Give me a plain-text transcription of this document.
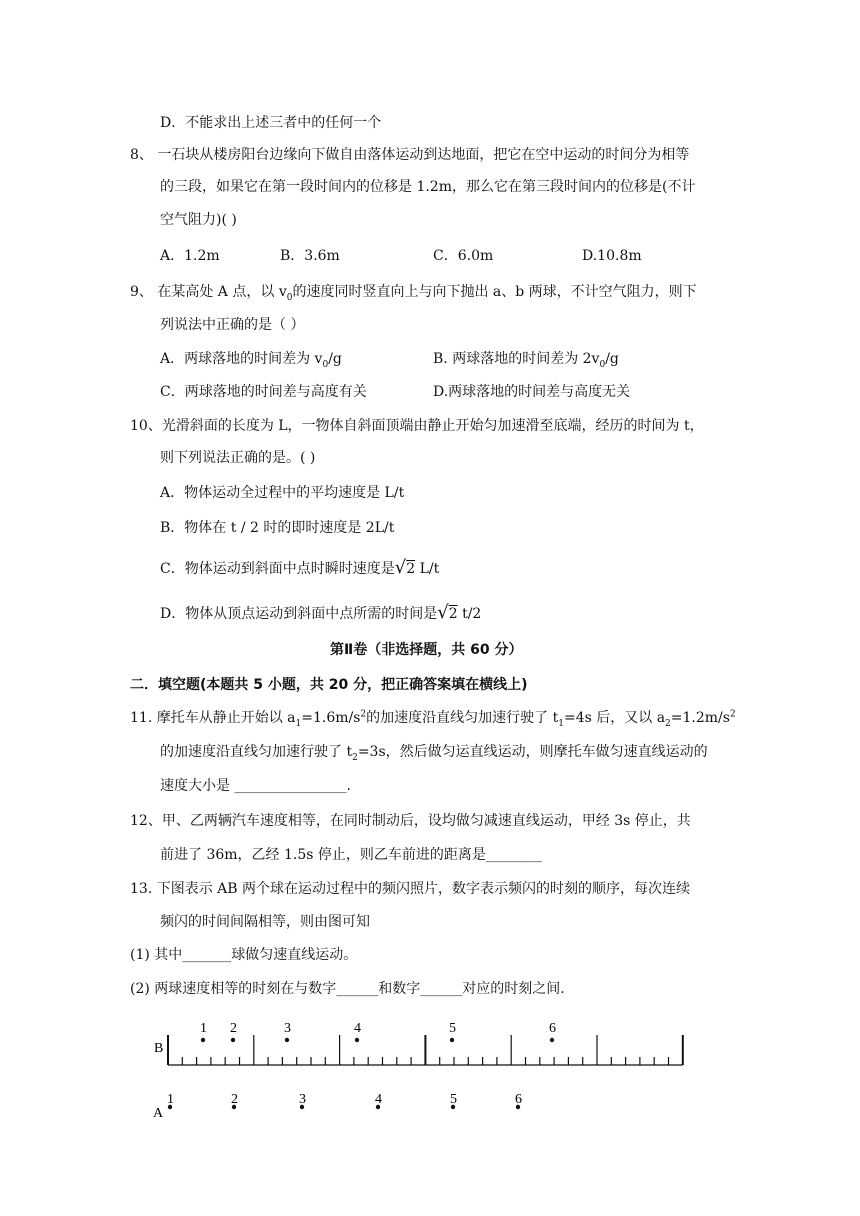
D．不能求出上述三者中的任何一个
8、 一石块从楼房阳台边缘向下做自由落体运动到达地面，把它在空中运动的时间分为相等
的三段，如果它在第一段时间内的位移是 1.2m，那么它在第三段时间内的位移是(不计
空气阻力)( )
A．1.2m	B．3.6m	C．6.0m	D.10.8m
9、 在某高处 A 点，以 $v_0$的速度同时竖直向上与向下抛出 a、b 两球，不计空气阻力，则下
列说法中正确的是（ ）
A．两球落地的时间差为 $v_0/g$	B. 两球落地的时间差为 $2v_0/g$
C．两球落地的时间差与高度有关	D.两球落地的时间差与高度无关
10、光滑斜面的长度为 L，一物体自斜面顶端由静止开始匀加速滑至底端，经历的时间为 t，
则下列说法正确的是。( )
A．物体运动全过程中的平均速度是 L/t
B．物体在 t / 2 时的即时速度是 2L/t
C．物体运动到斜面中点时瞬时速度是√2 L/t
D．物体从顶点运动到斜面中点所需的时间是√2 t/2
第Ⅱ卷（非选择题，共 60 分）
二．填空题(本题共 5 小题，共 20 分，把正确答案填在横线上)
11. 摩托车从静止开始以 $a_1=1.6m/s^2$的加速度沿直线匀加速行驶了 $t_1=4s$ 后，又以 $a_2=1.2m/s^2$
的加速度沿直线匀加速行驶了 $t_2=3s$，然后做匀运直线运动，则摩托车做匀速直线运动的
速度大小是 ________________.
12、甲、乙两辆汽车速度相等，在同时制动后，设均做匀减速直线运动，甲经 3s 停止，共
前进了 36m，乙经 1.5s 停止，则乙车前进的距离是________
13. 下图表示 AB 两个球在运动过程中的频闪照片，数字表示频闪的时刻的顺序，每次连续
频闪的时间间隔相等，则由图可知
(1) 其中_______球做匀速直线运动。
(2) 两球速度相等的时刻在与数字______和数字______对应的时刻之间.
B
A
1 2	3	4	5	6
1	2	3	4	5	6
